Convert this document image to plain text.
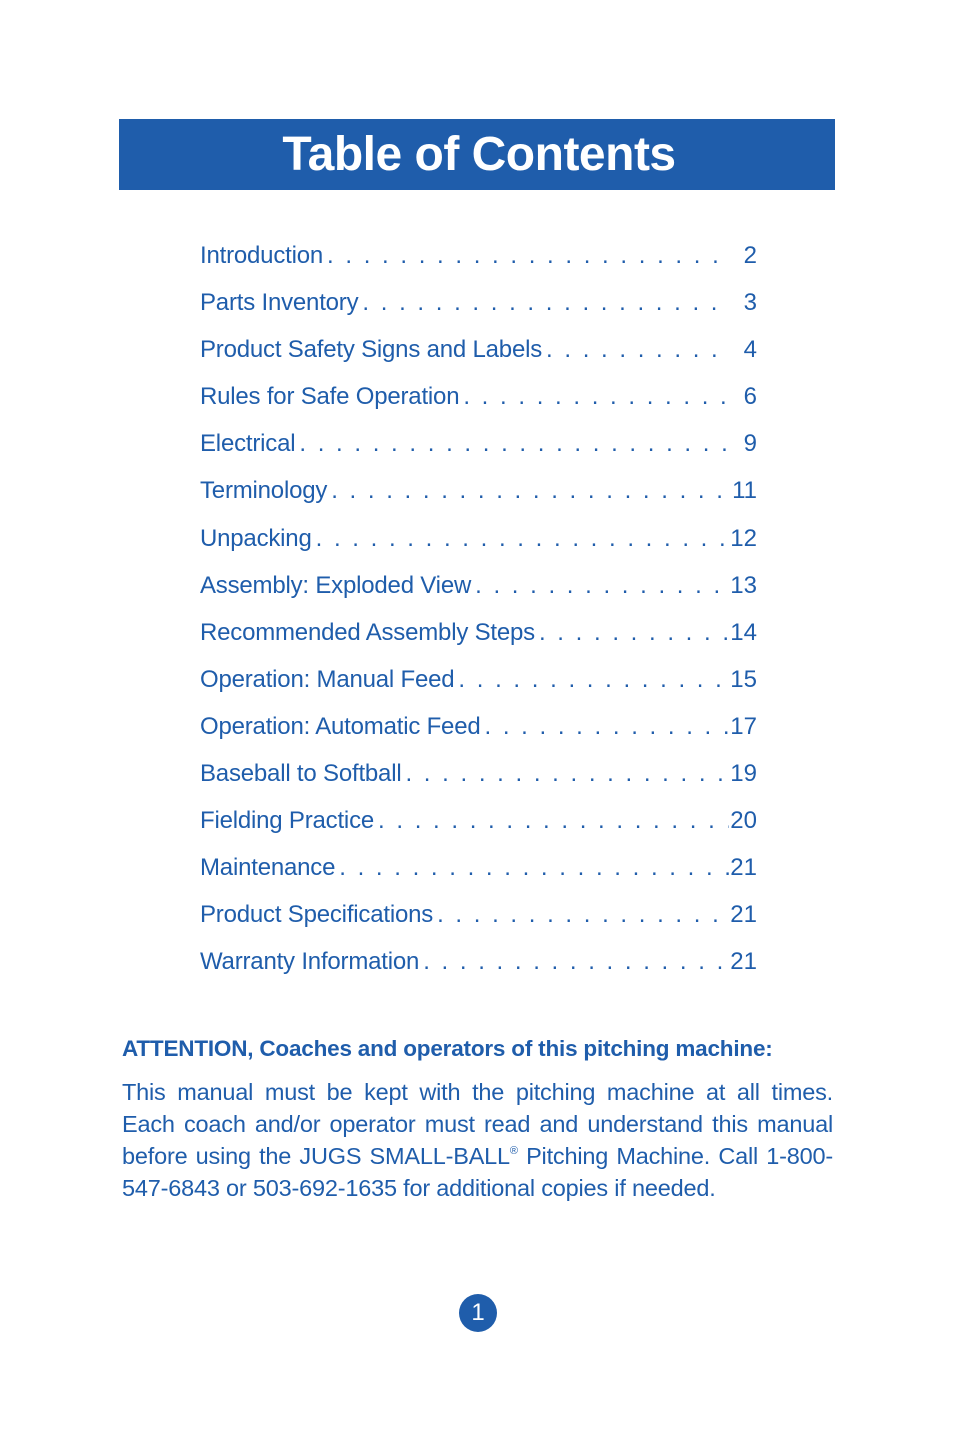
Table of Contents
Introduction . . .	2
Parts Inventory . . .	3
Product Safety Signs and Labels . . .	4
Rules for Safe Operation . . .	6
Electrical . . .	9
Terminology . . .	11
Unpacking . . .	12
Assembly: Exploded View . . .	13
Recommended Assembly Steps . . .	14
Operation: Manual Feed . . .	15
Operation: Automatic Feed . . .	17
Baseball to Softball . . .	19
Fielding Practice . . .	20
Maintenance . . .	21
Product Specifications . . .	21
Warranty Information . . .	21

ATTENTION, Coaches and operators of this pitching machine:

This manual must be kept with the pitching machine at all times. Each coach and/or operator must read and understand this manual before using the JUGS SMALL-BALL® Pitching Machine. Call 1-800-547-6843 or 503-692-1635 for additional copies if needed.

1
